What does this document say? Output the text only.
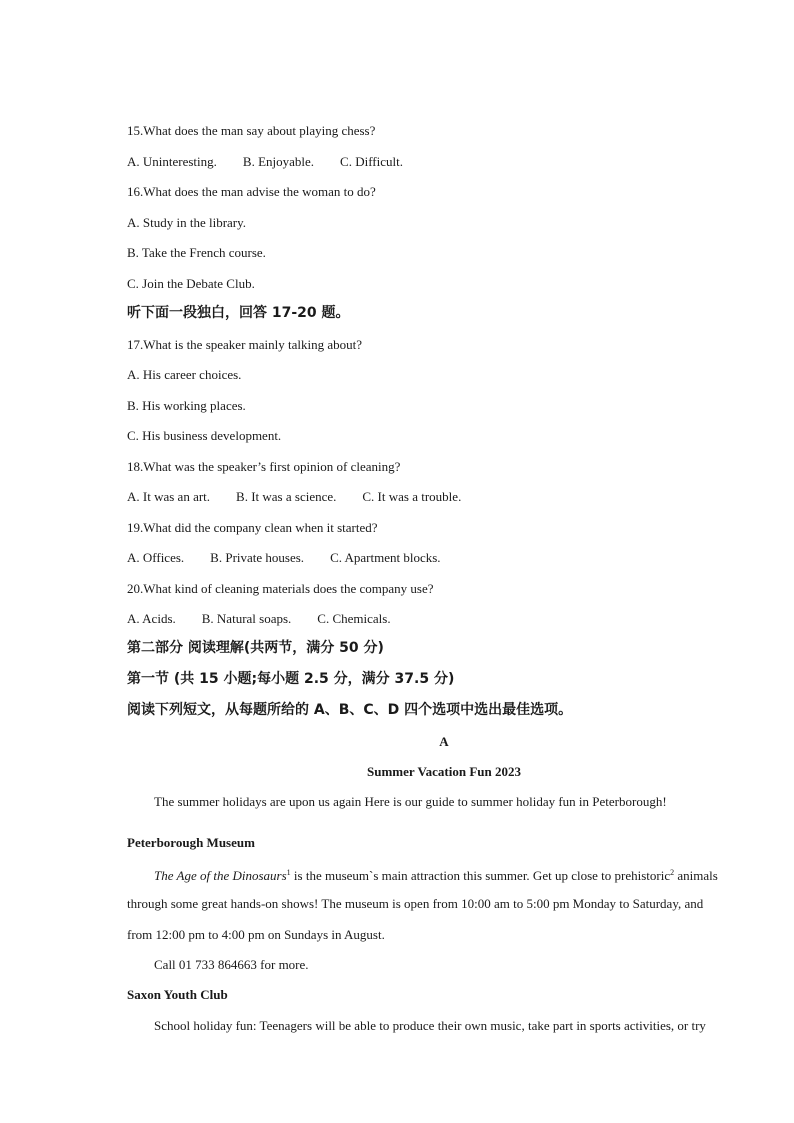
15.What does the man say about playing chess?
A. Uninteresting. B. Enjoyable. C. Difficult.
16.What does the man advise the woman to do?
A. Study in the library.
B. Take the French course.
C. Join the Debate Club.
听下面一段独白，回答 17-20 题。
17.What is the speaker mainly talking about?
A. His career choices.
B. His working places.
C. His business development.
18.What was the speaker’s first opinion of cleaning?
A. It was an art. B. It was a science. C. It was a trouble.
19.What did the company clean when it started?
A. Offices. B. Private houses. C. Apartment blocks.
20.What kind of cleaning materials does the company use?
A. Acids. B. Natural soaps. C. Chemicals.
第二部分 阅读理解(共两节，满分 50 分)
第一节 (共 15 小题;每小题 2.5 分，满分 37.5 分)
阅读下列短文，从每题所给的 A、B、C、D 四个选项中选出最佳选项。
A
Summer Vacation Fun 2023
The summer holidays are upon us again Here is our guide to summer holiday fun in Peterborough!
Peterborough Museum
The Age of the Dinosaurs$^1$ is the museum`s main attraction this summer. Get up close to prehistoric$^2$ animals
through some great hands-on shows! The museum is open from 10:00 am to 5:00 pm Monday to Saturday, and
from 12:00 pm to 4:00 pm on Sundays in August.
Call 01 733 864663 for more.
Saxon Youth Club
School holiday fun: Teenagers will be able to produce their own music, take part in sports activities, or try
